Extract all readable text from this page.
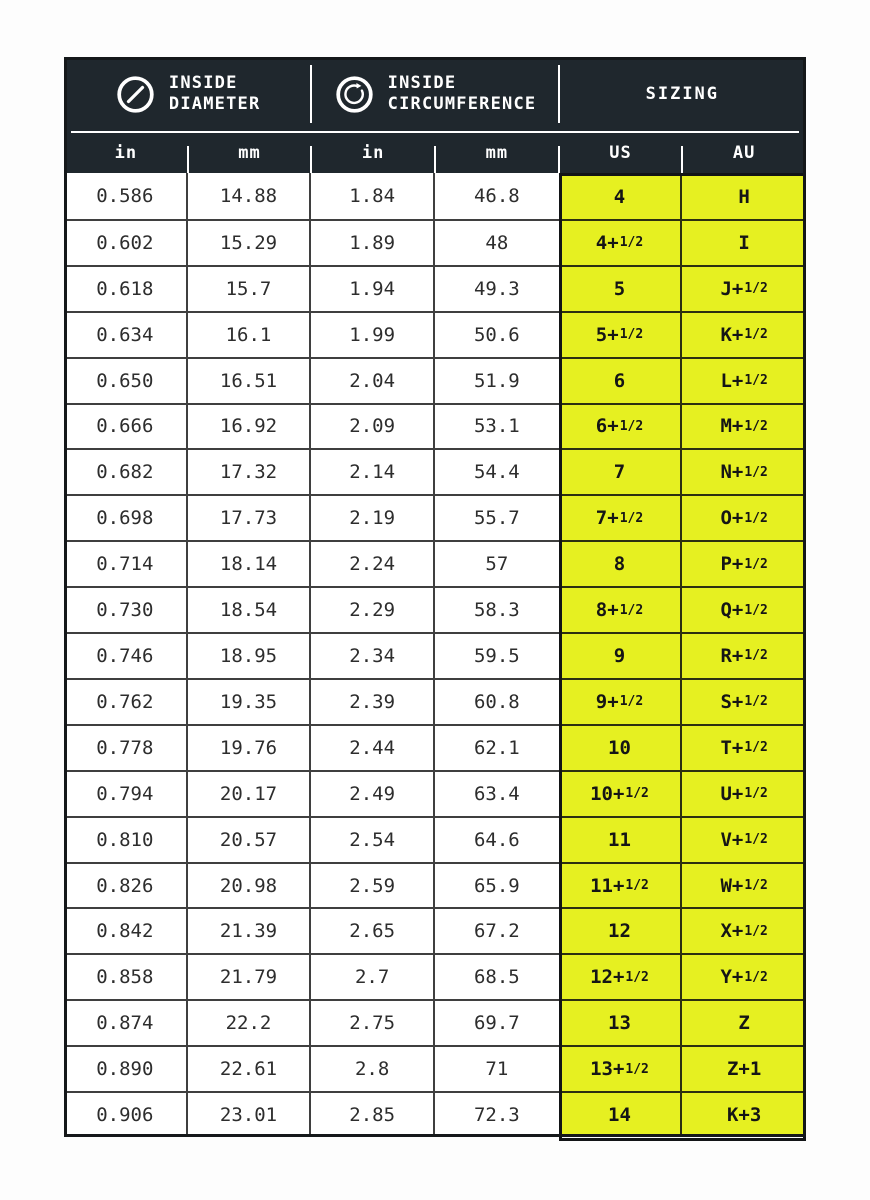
INSIDE
DIAMETER
INSIDE
CIRCUMFERENCE	SIZING
in	mm	in	mm	US	AU
0.586	14.88	1.84	46.8	4	H
0.602	15.29	1.89	48	4+ 1/2	I
0.618	15.7	1.94	49.3	5	J+ 1/2
0.634	16.1	1.99	50.6	5+ 1/2	K+ 1/2
0.650	16.51	2.04	51.9	6	L+ 1/2
0.666	16.92	2.09	53.1	6+ 1/2	M+ 1/2
0.682	17.32	2.14	54.4	7	N+ 1/2
0.698	17.73	2.19	55.7	7+ 1/2	O+ 1/2
0.714	18.14	2.24	57	8	P+ 1/2
0.730	18.54	2.29	58.3	8+ 1/2	Q+ 1/2
0.746	18.95	2.34	59.5	9	R+ 1/2
0.762	19.35	2.39	60.8	9+ 1/2	S+ 1/2
0.778	19.76	2.44	62.1	10	T+ 1/2
0.794	20.17	2.49	63.4	10+ 1/2	U+ 1/2
0.810	20.57	2.54	64.6	11	V+ 1/2
0.826	20.98	2.59	65.9	11+ 1/2	W+ 1/2
0.842	21.39	2.65	67.2	12	X+ 1/2
0.858	21.79	2.7	68.5	12+ 1/2	Y+ 1/2
0.874	22.2	2.75	69.7	13	Z
0.890	22.61	2.8	71	13+ 1/2	Z+1
0.906	23.01	2.85	72.3	14	K+3
